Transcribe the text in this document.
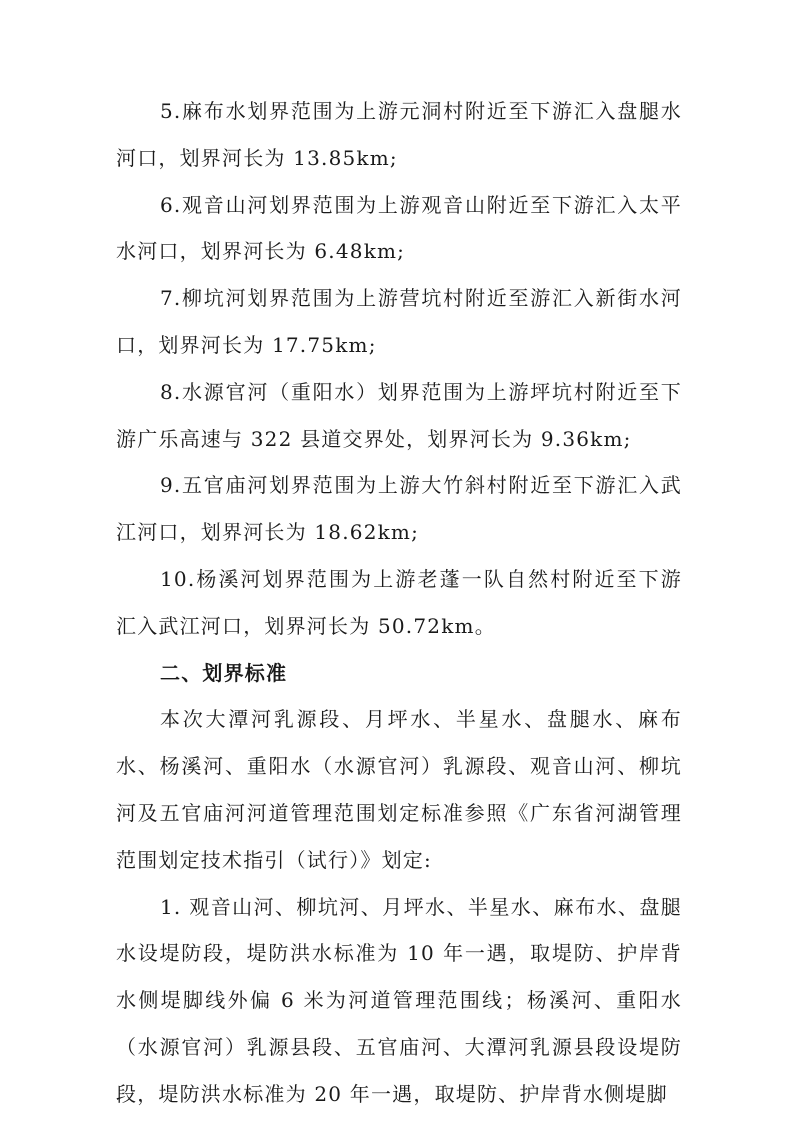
5.麻布水划界范围为上游元洞村附近至下游汇入盘腿水河口，划界河长为 13.85km;

6.观音山河划界范围为上游观音山附近至下游汇入太平水河口，划界河长为 6.48km;

7.柳坑河划界范围为上游营坑村附近至游汇入新街水河口，划界河长为 17.75km;

8.水源官河（重阳水）划界范围为上游坪坑村附近至下游广乐高速与 322 县道交界处，划界河长为 9.36km;

9.五官庙河划界范围为上游大竹斜村附近至下游汇入武江河口，划界河长为 18.62km;

10.杨溪河划界范围为上游老蓬一队自然村附近至下游汇入武江河口，划界河长为 50.72km。

二、划界标准

本次大潭河乳源段、月坪水、半星水、盘腿水、麻布水、杨溪河、重阳水（水源官河）乳源段、观音山河、柳坑河及五官庙河河道管理范围划定标准参照《广东省河湖管理范围划定技术指引（试行）》划定:

1. 观音山河、柳坑河、月坪水、半星水、麻布水、盘腿水设堤防段，堤防洪水标准为 10 年一遇，取堤防、护岸背水侧堤脚线外偏 6 米为河道管理范围线；杨溪河、重阳水（水源官河）乳源县段、五官庙河、大潭河乳源县段设堤防段，堤防洪水标准为 20 年一遇，取堤防、护岸背水侧堤脚
